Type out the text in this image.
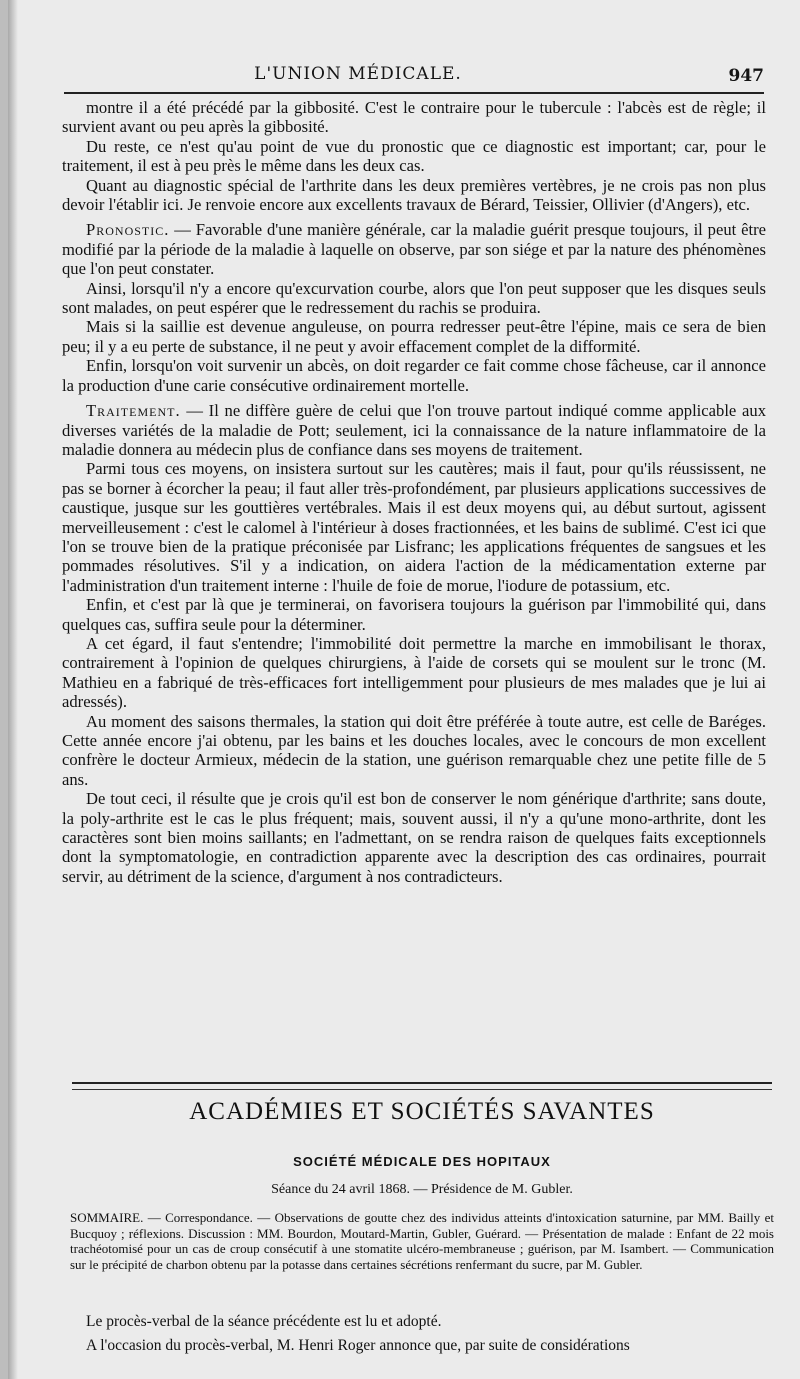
L'UNION MÉDICALE.	947

montre il a été précédé par la gibbosité. C'est le contraire pour le tubercule : l'abcès est de règle; il survient avant ou peu après la gibbosité.

Du reste, ce n'est qu'au point de vue du pronostic que ce diagnostic est important; car, pour le traitement, il est à peu près le même dans les deux cas.

Quant au diagnostic spécial de l'arthrite dans les deux premières vertèbres, je ne crois pas non plus devoir l'établir ici. Je renvoie encore aux excellents travaux de Bérard, Teissier, Ollivier (d'Angers), etc.

Pronostic. — Favorable d'une manière générale, car la maladie guérit presque toujours, il peut être modifié par la période de la maladie à laquelle on observe, par son siége et par la nature des phénomènes que l'on peut constater.

Ainsi, lorsqu'il n'y a encore qu'excurvation courbe, alors que l'on peut supposer que les disques seuls sont malades, on peut espérer que le redressement du rachis se produira.

Mais si la saillie est devenue anguleuse, on pourra redresser peut-être l'épine, mais ce sera de bien peu; il y a eu perte de substance, il ne peut y avoir effacement complet de la difformité.

Enfin, lorsqu'on voit survenir un abcès, on doit regarder ce fait comme chose fâcheuse, car il annonce la production d'une carie consécutive ordinairement mortelle.

Traitement. — Il ne diffère guère de celui que l'on trouve partout indiqué comme applicable aux diverses variétés de la maladie de Pott; seulement, ici la connaissance de la nature inflammatoire de la maladie donnera au médecin plus de confiance dans ses moyens de traitement.

Parmi tous ces moyens, on insistera surtout sur les cautères; mais il faut, pour qu'ils réussissent, ne pas se borner à écorcher la peau; il faut aller très-profondément, par plusieurs applications successives de caustique, jusque sur les gouttières vertébrales. Mais il est deux moyens qui, au début surtout, agissent merveilleusement : c'est le calomel à l'intérieur à doses fractionnées, et les bains de sublimé. C'est ici que l'on se trouve bien de la pratique préconisée par Lisfranc; les applications fréquentes de sangsues et les pommades résolutives. S'il y a indication, on aidera l'action de la médicamentation externe par l'administration d'un traitement interne : l'huile de foie de morue, l'iodure de potassium, etc.

Enfin, et c'est par là que je terminerai, on favorisera toujours la guérison par l'immobilité qui, dans quelques cas, suffira seule pour la déterminer.

A cet égard, il faut s'entendre; l'immobilité doit permettre la marche en immobilisant le thorax, contrairement à l'opinion de quelques chirurgiens, à l'aide de corsets qui se moulent sur le tronc (M. Mathieu en a fabriqué de très-efficaces fort intelligemment pour plusieurs de mes malades que je lui ai adressés).

Au moment des saisons thermales, la station qui doit être préférée à toute autre, est celle de Baréges. Cette année encore j'ai obtenu, par les bains et les douches locales, avec le concours de mon excellent confrère le docteur Armieux, médecin de la station, une guérison remarquable chez une petite fille de 5 ans.

De tout ceci, il résulte que je crois qu'il est bon de conserver le nom générique d'arthrite; sans doute, la poly-arthrite est le cas le plus fréquent; mais, souvent aussi, il n'y a qu'une mono-arthrite, dont les caractères sont bien moins saillants; en l'admettant, on se rendra raison de quelques faits exceptionnels dont la symptomatologie, en contradiction apparente avec la description des cas ordinaires, pourrait servir, au détriment de la science, d'argument à nos contradicteurs.

ACADÉMIES ET SOCIÉTÉS SAVANTES
SOCIÉTÉ MÉDICALE DES HOPITAUX
Séance du 24 avril 1868. — Présidence de M. Gubler.
SOMMAIRE. — Correspondance. — Observations de goutte chez des individus atteints d'intoxication saturnine, par MM. Bailly et Bucquoy ; réflexions. Discussion : MM. Bourdon, Moutard-Martin, Gubler, Guérard. — Présentation de malade : Enfant de 22 mois trachéotomisé pour un cas de croup consécutif à une stomatite ulcéro-membraneuse ; guérison, par M. Isambert. — Communication sur le précipité de charbon obtenu par la potasse dans certaines sécrétions renfermant du sucre, par M. Gubler.

Le procès-verbal de la séance précédente est lu et adopté.

A l'occasion du procès-verbal, M. Henri Roger annonce que, par suite de considérations
